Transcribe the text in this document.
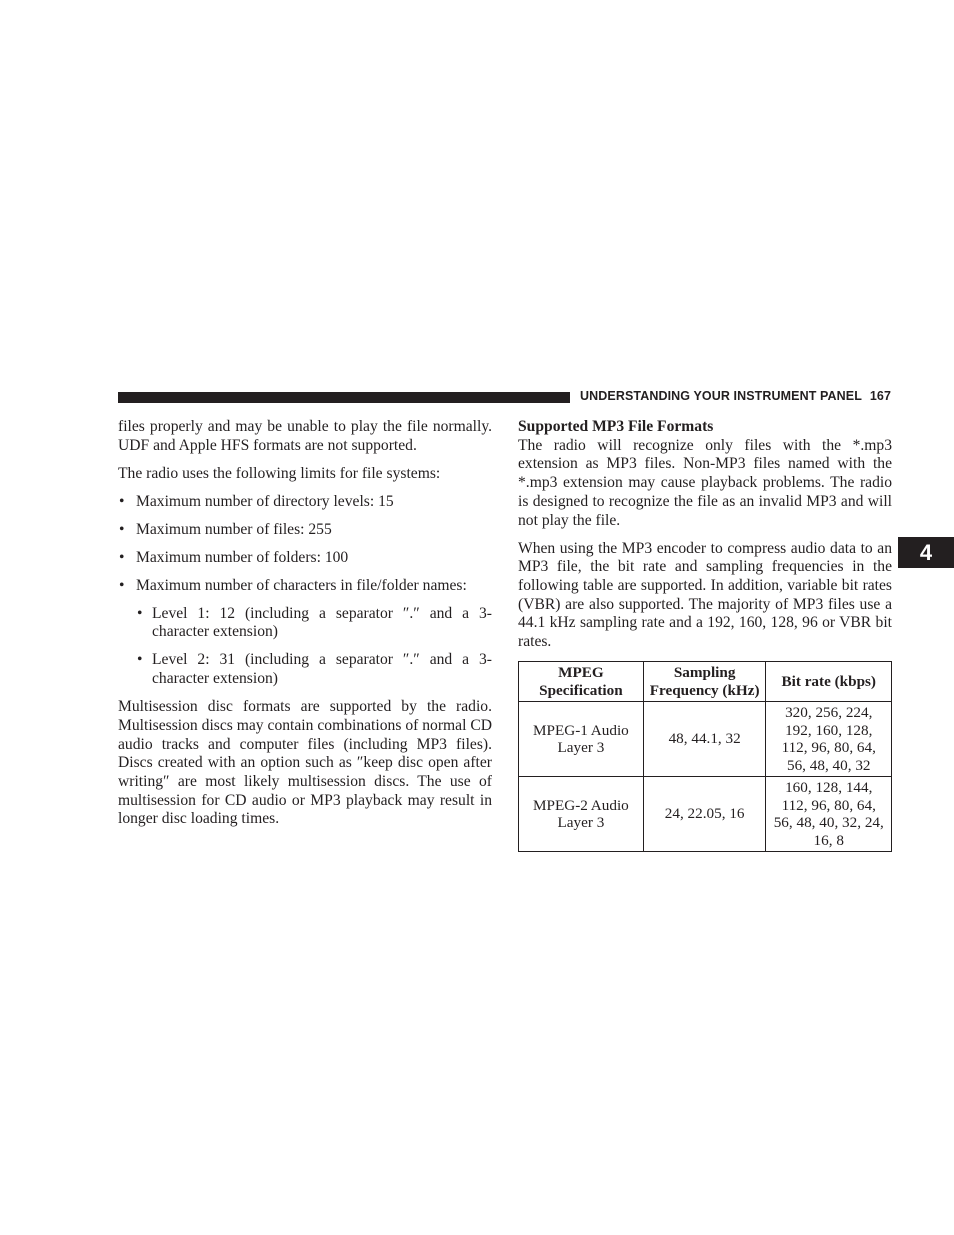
UNDERSTANDING YOUR INSTRUMENT PANEL 167
4

files properly and may be unable to play the file normally. UDF and Apple HFS formats are not supported.

The radio uses the following limits for file systems:

• Maximum number of directory levels: 15
• Maximum number of files: 255
• Maximum number of folders: 100
• Maximum number of characters in file/folder names:
• Level 1: 12 (including a separator ″.″ and a 3-character extension)
• Level 2: 31 (including a separator ″.″ and a 3-character extension)

Multisession disc formats are supported by the radio. Multisession discs may contain combinations of normal CD audio tracks and computer files (including MP3 files). Discs created with an option such as ″keep disc open after writing″ are most likely multisession discs. The use of multisession for CD audio or MP3 playback may result in longer disc loading times.

Supported MP3 File Formats

The radio will recognize only files with the *.mp3 extension as MP3 files. Non-MP3 files named with the *.mp3 extension may cause playback problems. The radio is designed to recognize the file as an invalid MP3 and will not play the file.

When using the MP3 encoder to compress audio data to an MP3 file, the bit rate and sampling frequencies in the following table are supported. In addition, variable bit rates (VBR) are also supported. The majority of MP3 files use a 44.1 kHz sampling rate and a 192, 160, 128, 96 or VBR bit rates.

MPEG Specification	Sampling Frequency (kHz)	Bit rate (kbps)
MPEG-1 Audio Layer 3	48, 44.1, 32	320, 256, 224, 192, 160, 128, 112, 96, 80, 64, 56, 48, 40, 32
MPEG-2 Audio Layer 3	24, 22.05, 16	160, 128, 144, 112, 96, 80, 64, 56, 48, 40, 32, 24, 16, 8
